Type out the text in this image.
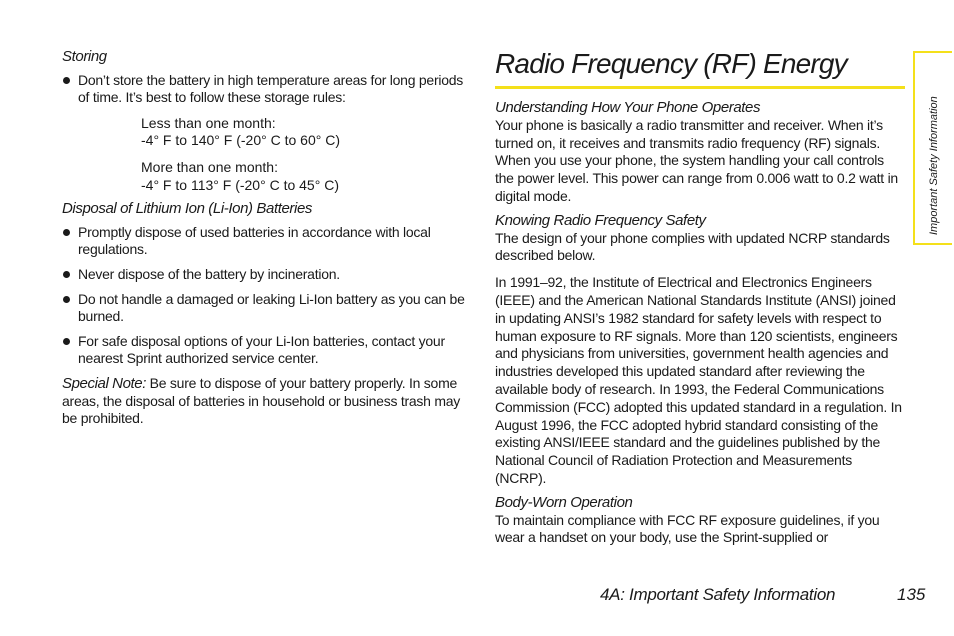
Storing

Don’t store the battery in high temperature areas for long periods of time. It’s best to follow these storage rules:
Less than one month:
-4° F to 140° F (-20° C to 60° C)
More than one month:
-4° F to 113° F (-20° C to 45° C)

Disposal of Lithium Ion (Li-Ion) Batteries

Promptly dispose of used batteries in accordance with local regulations.
Never dispose of the battery by incineration.
Do not handle a damaged or leaking Li-Ion battery as you can be burned.
For safe disposal options of your Li-Ion batteries, contact your nearest Sprint authorized service center.

Special Note: Be sure to dispose of your battery properly. In some areas, the disposal of batteries in household or business trash may be prohibited.

Radio Frequency (RF) Energy

Understanding How Your Phone Operates

Your phone is basically a radio transmitter and receiver. When it’s turned on, it receives and transmits radio frequency (RF) signals. When you use your phone, the system handling your call controls the power level. This power can range from 0.006 watt to 0.2 watt in digital mode.

Knowing Radio Frequency Safety

The design of your phone complies with updated NCRP standards described below.

In 1991–92, the Institute of Electrical and Electronics Engineers (IEEE) and the American National Standards Institute (ANSI) joined in updating ANSI’s 1982 standard for safety levels with respect to human exposure to RF signals. More than 120 scientists, engineers and physicians from universities, government health agencies and industries developed this updated standard after reviewing the available body of research. In 1993, the Federal Communications Commission (FCC) adopted this updated standard in a regulation. In August 1996, the FCC adopted hybrid standard consisting of the existing ANSI/IEEE standard and the guidelines published by the National Council of Radiation Protection and Measurements (NCRP).

Body-Worn Operation

To maintain compliance with FCC RF exposure guidelines, if you wear a handset on your body, use the Sprint-supplied or

Important Safety Information
4A: Important Safety Information	135
